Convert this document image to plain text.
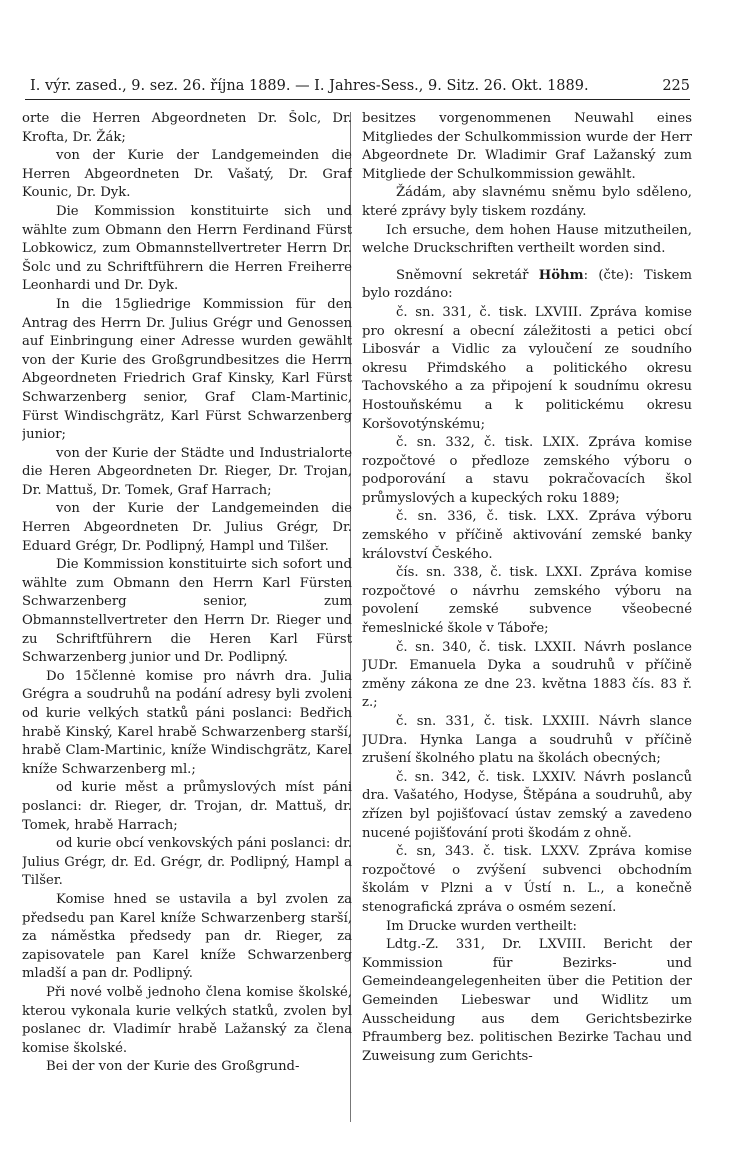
I. výr. zased., 9. sez. 26. října 1889. — I. Jahres-Sess., 9. Sitz. 26. Okt. 1889.	225

orte die Herren Abgeordneten Dr. Šolc, Dr. Krofta, Dr. Žák;

von der Kurie der Landgemeinden die Herren Abgeordneten Dr. Vašatý, Dr. Graf Kounic, Dr. Dyk.

Die Kommission konstituirte sich und wählte zum Obmann den Herrn Ferdinand Fürst Lobkowicz, zum Obmannstellvertreter Herrn Dr. Šolc und zu Schriftführern die Herren Freiherre Leonhardi und Dr. Dyk.

In die 15gliedrige Kommission für den Antrag des Herrn Dr. Julius Grégr und Genossen auf Einbringung einer Adresse wurden gewählt von der Kurie des Großgrundbesitzes die Herrn Abgeordneten Friedrich Graf Kinsky, Karl Fürst Schwarzenberg senior, Graf Clam-Martinic, Fürst Windischgrätz, Karl Fürst Schwarzenberg junior;

von der Kurie der Städte und Industrialorte die Heren Abgeordneten Dr. Rieger, Dr. Trojan, Dr. Mattuš, Dr. Tomek, Graf Harrach;

von der Kurie der Landgemeinden die Herren Abgeordneten Dr. Julius Grégr, Dr. Eduard Grégr, Dr. Podlipný, Hampl und Tilšer.

Die Kommission konstituirte sich sofort und wählte zum Obmann den Herrn Karl Fürsten Schwarzenberg senior, zum Obmannstellvertreter den Herrn Dr. Rieger und zu Schriftführern die Heren Karl Fürst Schwarzenberg junior und Dr. Podlipný.

Do 15člennė komise pro návrh dra. Julia Grégra a soudruhů na podání adresy byli zvoleni od kurie velkých statků páni poslanci: Bedřich hrabě Kinský, Karel hrabě Schwarzenberg starší, hrabě Clam-Martinic, kníže Windischgrätz, Karel kníže Schwarzenberg ml.;

od kurie měst a průmyslových míst páni poslanci: dr. Rieger, dr. Trojan, dr. Mattuš, dr. Tomek, hrabě Harrach;

od kurie obcí venkovských páni poslanci: dr. Julius Grégr, dr. Ed. Grégr, dr. Podlipný, Hampl a Tilšer.

Komise hned se ustavila a byl zvolen za předsedu pan Karel kníže Schwarzenberg starší, za náměstka předsedy pan dr. Rieger, za zapisovatele pan Karel kníže Schwarzenberg mladší a pan dr. Podlipný.

Při nové volbě jednoho člena komise školské, kterou vykonala kurie velkých statků, zvolen byl poslanec dr. Vladimír hrabě Lažanský za člena komise školské.

Bei der von der Kurie des Großgrund-

besitzes vorgenommenen Neuwahl eines Mitgliedes der Schulkommission wurde der Herr Abgeordnete Dr. Wladimir Graf Lažanský zum Mitgliede der Schulkommission gewählt.

Žádám, aby slavnému sněmu bylo sděleno, které zprávy byly tiskem rozdány.

Ich ersuche, dem hohen Hause mitzutheilen, welche Druckschriften vertheilt worden sind.

Sněmovní sekretář Höhm: (čte): Tiskem bylo rozdáno:

č. sn. 331, č. tisk. LXVIII. Zpráva komise pro okresní a obecní záležitosti a petici obcí Libosvár a Vidlic za vyloučení ze soudního okresu Přimdského a politického okresu Tachovského a za připojení k soudnímu okresu Hostouňskému a k politickému okresu Koršovotýnskému;

č. sn. 332, č. tisk. LXIX. Zpráva komise rozpočtové o předloze zemského výboru o podporování a stavu pokračovacích škol průmyslových a kupeckých roku 1889;

č. sn. 336, č. tisk. LXX. Zpráva výboru zemského v příčině aktivování zemské banky království Českého.

čís. sn. 338, č. tisk. LXXI. Zpráva komise rozpočtové o návrhu zemského výboru na povolení zemské subvence všeobecné řemeslnické škole v Táboře;

č. sn. 340, č. tisk. LXXII. Návrh poslance JUDr. Emanuela Dyka a soudruhů v příčině změny zákona ze dne 23. května 1883 čís. 83 ř. z.;

č. sn. 331, č. tisk. LXXIII. Návrh slance JUDra. Hynka Langa a soudruhů v příčině zrušení školného platu na školách obecných;

č. sn. 342, č. tisk. LXXIV. Návrh poslanců dra. Vašatého, Hodyse, Štěpána a soudruhů, aby zřízen byl pojišťovací ústav zemský a zavedeno nucené pojišťování proti škodám z ohně.

č. sn, 343. č. tisk. LXXV. Zpráva komise rozpočtové o zvýšení subvenci obchodním školám v Plzni a v Ústí n. L., a konečně stenografická zpráva o osmém sezení.

Im Drucke wurden vertheilt:

Ldtg.-Z. 331, Dr. LXVIII. Bericht der Kommission für Bezirks- und Gemeindeangelegenheiten über die Petition der Gemeinden Liebeswar und Widlitz um Ausscheidung aus dem Gerichtsbezirke Pfraumberg bez. politischen Bezirke Tachau und Zuweisung zum Gerichts-
